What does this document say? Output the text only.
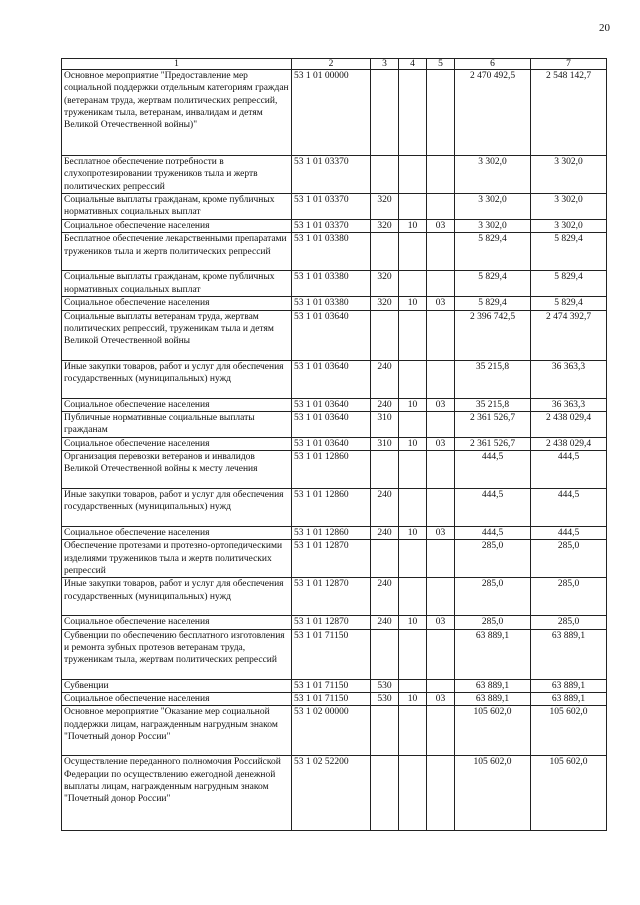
20
1	2	3	4	5	6	7
Основное мероприятие "Предоставление мер социальной поддержки отдельным категориям граждан (ветеранам труда, жертвам политических репрессий, труженикам тыла, ветеранам, инвалидам и детям Великой Отечественной войны)"	53 1 01 00000				2 470 492,5	2 548 142,7
Бесплатное обеспечение потребности в слухопротезировании тружеников тыла и жертв политических репрессий	53 1 01 03370				3 302,0	3 302,0
Социальные выплаты гражданам, кроме публичных нормативных социальных выплат	53 1 01 03370	320			3 302,0	3 302,0
Социальное обеспечение населения	53 1 01 03370	320	10	03	3 302,0	3 302,0
Бесплатное обеспечение лекарственными препаратами тружеников тыла и жертв политических репрессий	53 1 01 03380				5 829,4	5 829,4
Социальные выплаты гражданам, кроме публичных нормативных социальных выплат	53 1 01 03380	320			5 829,4	5 829,4
Социальное обеспечение населения	53 1 01 03380	320	10	03	5 829,4	5 829,4
Социальные выплаты ветеранам труда, жертвам политических репрессий, труженикам тыла и детям Великой Отечественной войны	53 1 01 03640				2 396 742,5	2 474 392,7
Иные закупки товаров, работ и услуг для обеспечения государственных (муниципальных) нужд	53 1 01 03640	240			35 215,8	36 363,3
Социальное обеспечение населения	53 1 01 03640	240	10	03	35 215,8	36 363,3
Публичные нормативные социальные выплаты гражданам	53 1 01 03640	310			2 361 526,7	2 438 029,4
Социальное обеспечение населения	53 1 01 03640	310	10	03	2 361 526,7	2 438 029,4
Организация перевозки ветеранов и инвалидов Великой Отечественной войны к месту лечения	53 1 01 12860				444,5	444,5
Иные закупки товаров, работ и услуг для обеспечения государственных (муниципальных) нужд	53 1 01 12860	240			444,5	444,5
Социальное обеспечение населения	53 1 01 12860	240	10	03	444,5	444,5
Обеспечение протезами и протезно-ортопедическими изделиями тружеников тыла и жертв политических репрессий	53 1 01 12870				285,0	285,0
Иные закупки товаров, работ и услуг для обеспечения государственных (муниципальных) нужд	53 1 01 12870	240			285,0	285,0
Социальное обеспечение населения	53 1 01 12870	240	10	03	285,0	285,0
Субвенции по обеспечению бесплатного изготовления и ремонта зубных протезов ветеранам труда, труженикам тыла, жертвам политических репрессий	53 1 01 71150				63 889,1	63 889,1
Субвенции	53 1 01 71150	530			63 889,1	63 889,1
Социальное обеспечение населения	53 1 01 71150	530	10	03	63 889,1	63 889,1
Основное мероприятие "Оказание мер социальной поддержки лицам, награжденным нагрудным знаком "Почетный донор России"	53 1 02 00000				105 602,0	105 602,0
Осуществление переданного полномочия Российской Федерации по осуществлению ежегодной денежной выплаты лицам, награжденным нагрудным знаком "Почетный донор России"	53 1 02 52200				105 602,0	105 602,0
